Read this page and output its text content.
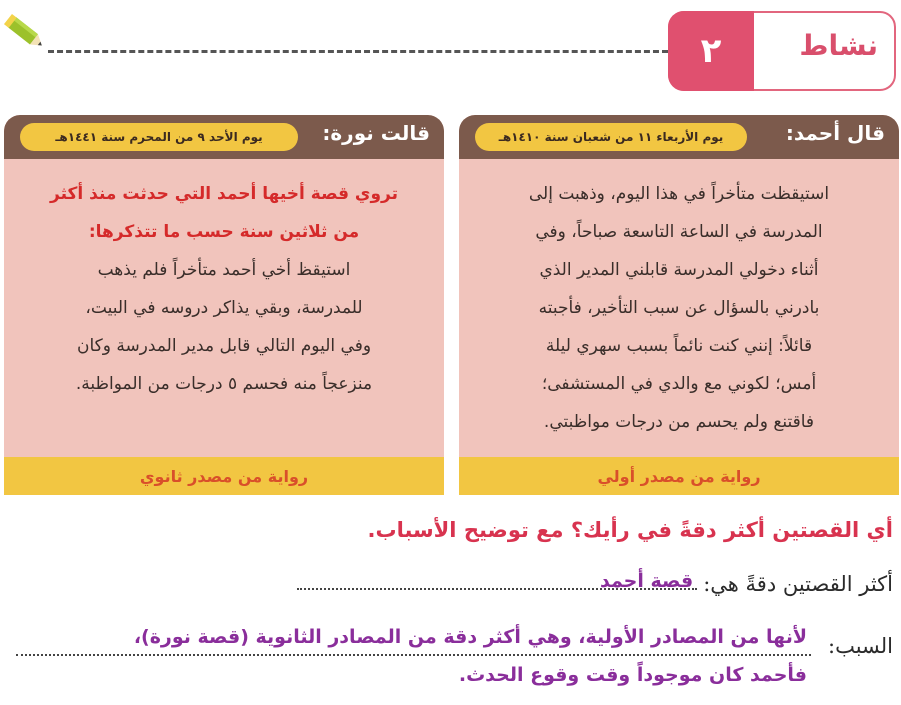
نشاط
٢
قال أحمد:
يوم الأربعاء ١١ من شعبان سنة ١٤١٠هـ
استيقظت متأخراً في هذا اليوم، وذهبت إلى
المدرسة في الساعة التاسعة صباحاً، وفي
أثناء دخولي المدرسة قابلني المدير الذي
بادرني بالسؤال عن سبب التأخير، فأجبته
قائلاً: إنني كنت نائماً بسبب سهري ليلة
أمس؛ لكوني مع والدي في المستشفى؛
فاقتنع ولم يحسم من درجات مواظبتي.
رواية من مصدر أولي
قالت نورة:
يوم الأحد ٩ من المحرم سنة ١٤٤١هـ
تروي قصة أخيها أحمد التي حدثت منذ أكثر
من ثلاثين سنة حسب ما تتذكرها:
استيقظ أخي أحمد متأخراً فلم يذهب
للمدرسة، وبقي يذاكر دروسه في البيت،
وفي اليوم التالي قابل مدير المدرسة وكان
منزعجاً منه فحسم ٥ درجات من المواظبة.
رواية من مصدر ثانوي
أي القصتين أكثر دقةً في رأيك؟ مع توضيح الأسباب.
أكثر القصتين دقةً هي:
قصة أحمد
السبب:
لأنها من المصادر الأولية، وهي أكثر دقة من المصادر الثانوية (قصة نورة)،
فأحمد كان موجوداً وقت وقوع الحدث.
